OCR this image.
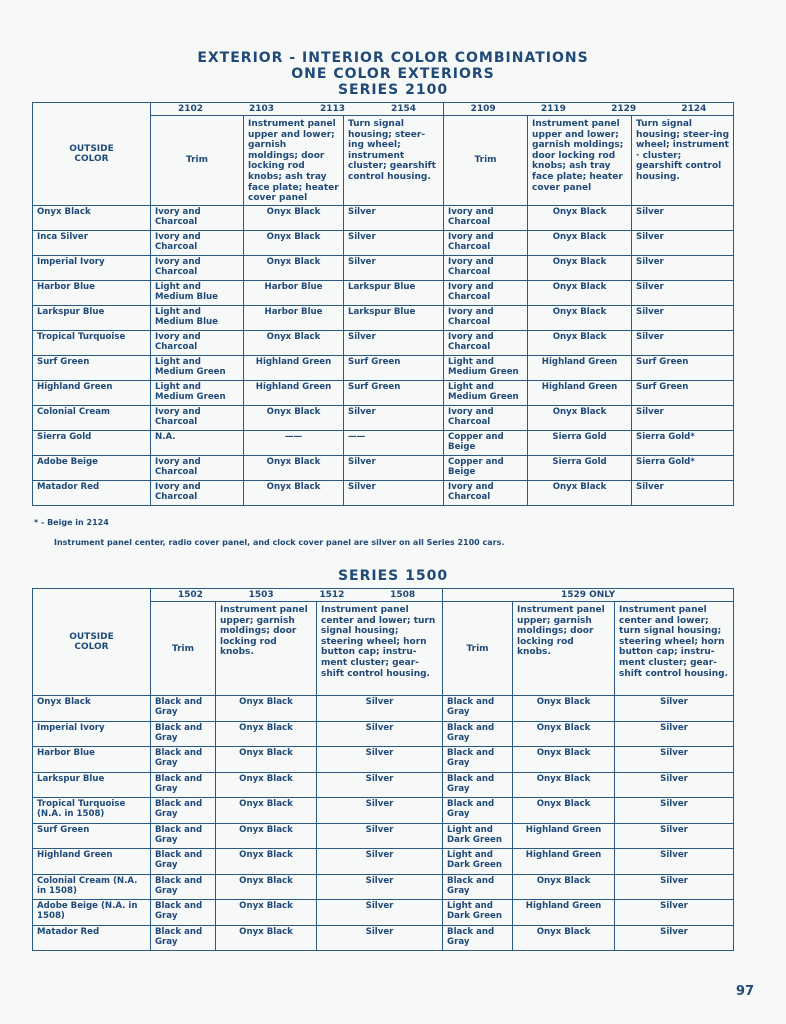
EXTERIOR - INTERIOR COLOR COMBINATIONS
ONE COLOR EXTERIORS
SERIES 2100
OUTSIDE COLOR	2102 2103 2113 2154			2109 2119 2129 2124		

	Trim	Instrument panel upper and lower; garnish moldings; door locking rod knobs; ash tray face plate; heater cover panel	Turn signal housing; steer-ing wheel; instrument cluster; gearshift control housing.	Trim	Instrument panel upper and lower; garnish moldings; door locking rod knobs; ash tray face plate; heater cover panel	Turn signal housing; steer-ing wheel; instrument · cluster; gearshift control housing.
Onyx Black	Ivory and Charcoal	Onyx Black	Silver	Ivory and Charcoal	Onyx Black	Silver
Inca Silver	Ivory and Charcoal	Onyx Black	Silver	Ivory and Charcoal	Onyx Black	Silver
Imperial Ivory	Ivory and Charcoal	Onyx Black	Silver	Ivory and Charcoal	Onyx Black	Silver
Harbor Blue	Light and Medium Blue	Harbor Blue	Larkspur Blue	Ivory and Charcoal	Onyx Black	Silver
Larkspur Blue	Light and Medium Blue	Harbor Blue	Larkspur Blue	Ivory and Charcoal	Onyx Black	Silver
Tropical Turquoise	Ivory and Charcoal	Onyx Black	Silver	Ivory and Charcoal	Onyx Black	Silver
Surf Green	Light and Medium Green	Highland Green	Surf Green	Light and Medium Green	Highland Green	Surf Green
Highland Green	Light and Medium Green	Highland Green	Surf Green	Light and Medium Green	Highland Green	Surf Green
Colonial Cream	Ivory and Charcoal	Onyx Black	Silver	Ivory and Charcoal	Onyx Black	Silver
Sierra Gold	N.A.	——	——	Copper and Beige	Sierra Gold	Sierra Gold*
Adobe Beige	Ivory and Charcoal	Onyx Black	Silver	Copper and Beige	Sierra Gold	Sierra Gold*
Matador Red	Ivory and Charcoal	Onyx Black	Silver	Ivory and Charcoal	Onyx Black	Silver
* - Beige in 2124
Instrument panel center, radio cover panel, and clock cover panel are silver on all Series 2100 cars.
SERIES 1500
OUTSIDE COLOR	1502 1503 1512 1508			1529 ONLY		
	Trim	Instrument panel upper; garnish moldings; door locking rod knobs.	Instrument panel center and lower; turn signal housing; steering wheel; horn button cap; instru-ment cluster; gear-shift control housing.	Trim	Instrument panel upper; garnish moldings; door locking rod knobs.	Instrument panel center and lower; turn signal housing; steering wheel; horn button cap; instru-ment cluster; gear-shift control housing.
Onyx Black	Black and Gray	Onyx Black	Silver	Black and Gray	Onyx Black	Silver
Imperial Ivory	Black and Gray	Onyx Black	Silver	Black and Gray	Onyx Black	Silver
Harbor Blue	Black and Gray	Onyx Black	Silver	Black and Gray	Onyx Black	Silver
Larkspur Blue	Black and Gray	Onyx Black	Silver	Black and Gray	Onyx Black	Silver
Tropical Turquoise (N.A. in 1508)	Black and Gray	Onyx Black	Silver	Black and Gray	Onyx Black	Silver
Surf Green	Black and Gray	Onyx Black	Silver	Light and Dark Green	Highland Green	Silver
Highland Green	Black and Gray	Onyx Black	Silver	Light and Dark Green	Highland Green	Silver
Colonial Cream (N.A. in 1508)	Black and Gray	Onyx Black	Silver	Black and Gray	Onyx Black	Silver
Adobe Beige (N.A. in 1508)	Black and Gray	Onyx Black	Silver	Light and Dark Green	Highland Green	Silver
Matador Red	Black and Gray	Onyx Black	Silver	Black and Gray	Onyx Black	Silver
97
